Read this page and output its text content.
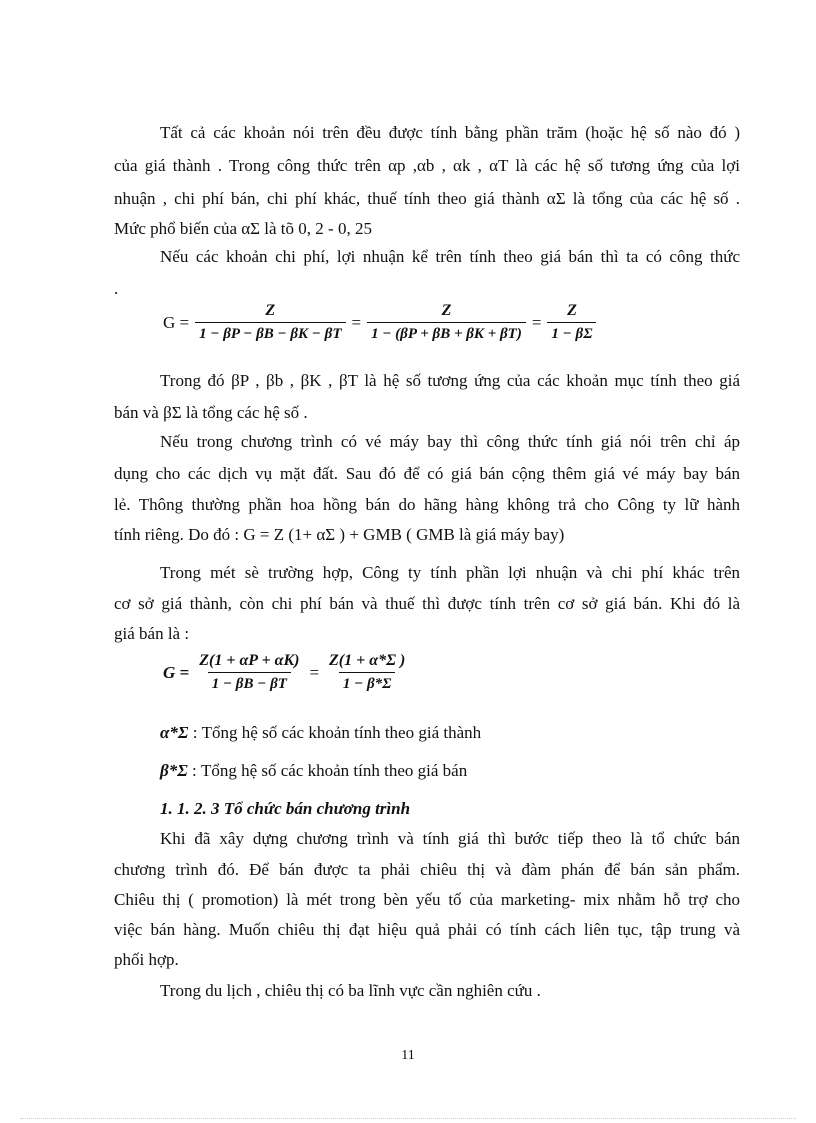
Tất cả các khoản nói trên đều được tính bằng phần trăm (hoặc hệ số nào đó )
của giá thành . Trong công thức trên αp ,αb , αk , αT là các hệ số tương ứng của lợi
nhuận , chi phí bán, chi phí khác, thuế tính theo giá thành αΣ là tổng của các hệ số .
Mức phổ biến của αΣ là tõ 0, 2 - 0, 25
Nếu các khoản chi phí, lợi nhuận kể trên tính theo giá bán thì ta có công thức
.
$G = \frac{Z}{1 - \beta P - \beta B - \beta K - \beta T} = \frac{Z}{1 - (\beta P + \beta B + \beta K + \beta T)} = \frac{Z}{1 - \beta\Sigma}$
Trong đó βP , βb , βK , βT là hệ số tương ứng của các khoản mục tính theo giá
bán và βΣ là tổng các hệ số .
Nếu trong chương trình có vé máy bay thì công thức tính giá nói trên chỉ áp
dụng cho các dịch vụ mặt đất. Sau đó để có giá bán cộng thêm giá vé máy bay bán
lẻ. Thông thường phần hoa hồng bán do hãng hàng không trả cho Công ty lữ hành
tính riêng. Do đó : G = Z (1+ αΣ ) + GMB ( GMB là giá máy bay)
Trong mét sè trường hợp, Công ty tính phần lợi nhuận và chi phí khác trên
cơ sở giá thành, còn chi phí bán và thuế thì được tính trên cơ sở giá bán. Khi đó là
giá bán là :
$G = \frac{Z(1 + \alpha P + \alpha K)}{1 - \beta B - \beta T} = \frac{Z(1 + \alpha*\Sigma )}{1 - \beta*\Sigma}$
α*Σ : Tổng hệ số các khoản tính theo giá thành
β*Σ : Tổng hệ số các khoản tính theo giá bán
1. 1. 2. 3 Tổ chức bán chương trình
Khi đã xây dựng chương trình và tính giá thì bước tiếp theo là tổ chức bán
chương trình đó. Để bán được ta phải chiêu thị và đàm phán để bán sản phẩm.
Chiêu thị ( promotion) là mét trong bèn yếu tố của marketing- mix nhằm hỗ trợ cho
việc bán hàng. Muốn chiêu thị đạt hiệu quả phải có tính cách liên tục, tập trung và
phối hợp.
Trong du lịch , chiêu thị có ba lĩnh vực cần nghiên cứu .
11
